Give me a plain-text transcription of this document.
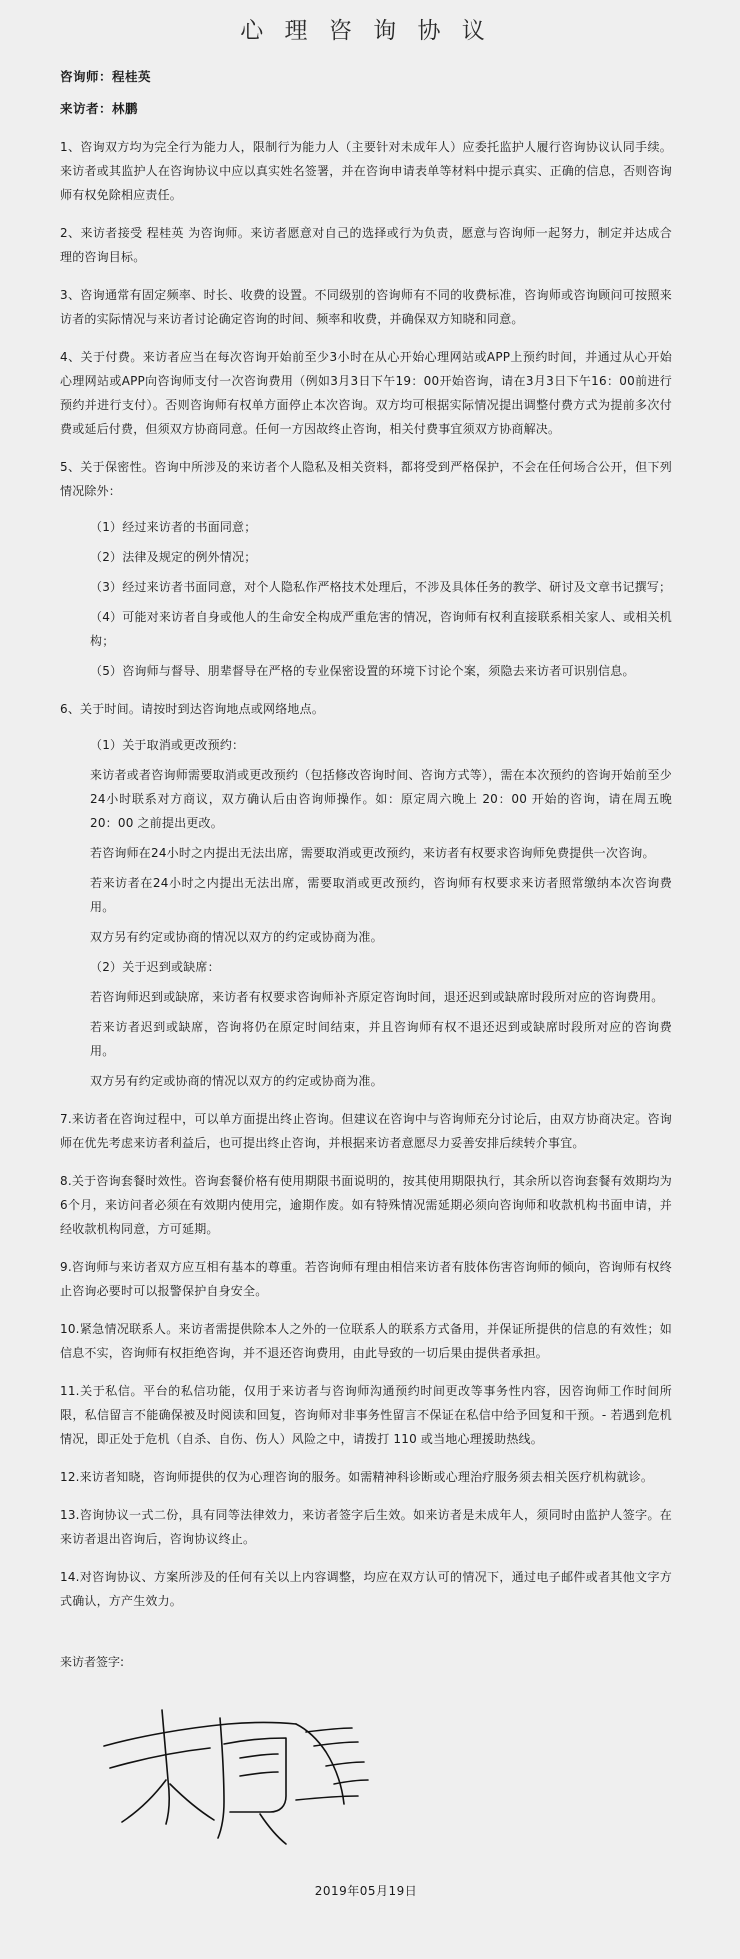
心 理 咨 询 协 议
咨询师：程桂英
来访者：林鹏

1、咨询双方均为完全行为能力人，限制行为能力人（主要针对未成年人）应委托监护人履行咨询协议认同手续。来访者或其监护人在咨询协议中应以真实姓名签署，并在咨询申请表单等材料中提示真实、正确的信息，否则咨询师有权免除相应责任。

2、来访者接受 程桂英 为咨询师。来访者愿意对自己的选择或行为负责，愿意与咨询师一起努力，制定并达成合理的咨询目标。

3、咨询通常有固定频率、时长、收费的设置。不同级别的咨询师有不同的收费标准，咨询师或咨询顾问可按照来访者的实际情况与来访者讨论确定咨询的时间、频率和收费，并确保双方知晓和同意。

4、关于付费。来访者应当在每次咨询开始前至少3小时在从心开始心理网站或APP上预约时间，并通过从心开始心理网站或APP向咨询师支付一次咨询费用（例如3月3日下午19：00开始咨询，请在3月3日下午16：00前进行预约并进行支付）。否则咨询师有权单方面停止本次咨询。双方均可根据实际情况提出调整付费方式为提前多次付费或延后付费，但须双方协商同意。任何一方因故终止咨询，相关付费事宜须双方协商解决。

5、关于保密性。咨询中所涉及的来访者个人隐私及相关资料，都将受到严格保护，不会在任何场合公开，但下列情况除外：

（1）经过来访者的书面同意；

（2）法律及规定的例外情况；

（3）经过来访者书面同意，对个人隐私作严格技术处理后，不涉及具体任务的教学、研讨及文章书记撰写；

（4）可能对来访者自身或他人的生命安全构成严重危害的情况，咨询师有权利直接联系相关家人、或相关机构；

（5）咨询师与督导、朋辈督导在严格的专业保密设置的环境下讨论个案，须隐去来访者可识别信息。

6、关于时间。请按时到达咨询地点或网络地点。

（1）关于取消或更改预约：

来访者或者咨询师需要取消或更改预约（包括修改咨询时间、咨询方式等），需在本次预约的咨询开始前至少24小时联系对方商议，双方确认后由咨询师操作。如：原定周六晚上 20：00 开始的咨询，请在周五晚 20：00 之前提出更改。

若咨询师在24小时之内提出无法出席，需要取消或更改预约，来访者有权要求咨询师免费提供一次咨询。

若来访者在24小时之内提出无法出席，需要取消或更改预约，咨询师有权要求来访者照常缴纳本次咨询费用。

双方另有约定或协商的情况以双方的约定或协商为准。

（2）关于迟到或缺席：

若咨询师迟到或缺席，来访者有权要求咨询师补齐原定咨询时间，退还迟到或缺席时段所对应的咨询费用。

若来访者迟到或缺席，咨询将仍在原定时间结束，并且咨询师有权不退还迟到或缺席时段所对应的咨询费用。

双方另有约定或协商的情况以双方的约定或协商为准。

7.来访者在咨询过程中，可以单方面提出终止咨询。但建议在咨询中与咨询师充分讨论后，由双方协商决定。咨询师在优先考虑来访者利益后，也可提出终止咨询，并根据来访者意愿尽力妥善安排后续转介事宜。

8.关于咨询套餐时效性。咨询套餐价格有使用期限书面说明的，按其使用期限执行，其余所以咨询套餐有效期均为6个月，来访问者必须在有效期内使用完，逾期作废。如有特殊情况需延期必须向咨询师和收款机构书面申请，并经收款机构同意，方可延期。

9.咨询师与来访者双方应互相有基本的尊重。若咨询师有理由相信来访者有肢体伤害咨询师的倾向，咨询师有权终止咨询必要时可以报警保护自身安全。

10.紧急情况联系人。来访者需提供除本人之外的一位联系人的联系方式备用，并保证所提供的信息的有效性；如信息不实，咨询师有权拒绝咨询，并不退还咨询费用，由此导致的一切后果由提供者承担。

11.关于私信。平台的私信功能，仅用于来访者与咨询师沟通预约时间更改等事务性内容，因咨询师工作时间所限，私信留言不能确保被及时阅读和回复，咨询师对非事务性留言不保证在私信中给予回复和干预。- 若遇到危机情况，即正处于危机（自杀、自伤、伤人）风险之中，请拨打 110 或当地心理援助热线。

12.来访者知晓，咨询师提供的仅为心理咨询的服务。如需精神科诊断或心理治疗服务须去相关医疗机构就诊。

13.咨询协议一式二份，具有同等法律效力，来访者签字后生效。如来访者是未成年人，须同时由监护人签字。在来访者退出咨询后，咨询协议终止。

14.对咨询协议、方案所涉及的任何有关以上内容调整，均应在双方认可的情况下，通过电子邮件或者其他文字方式确认，方产生效力。

来访者签字:

2019年05月19日
